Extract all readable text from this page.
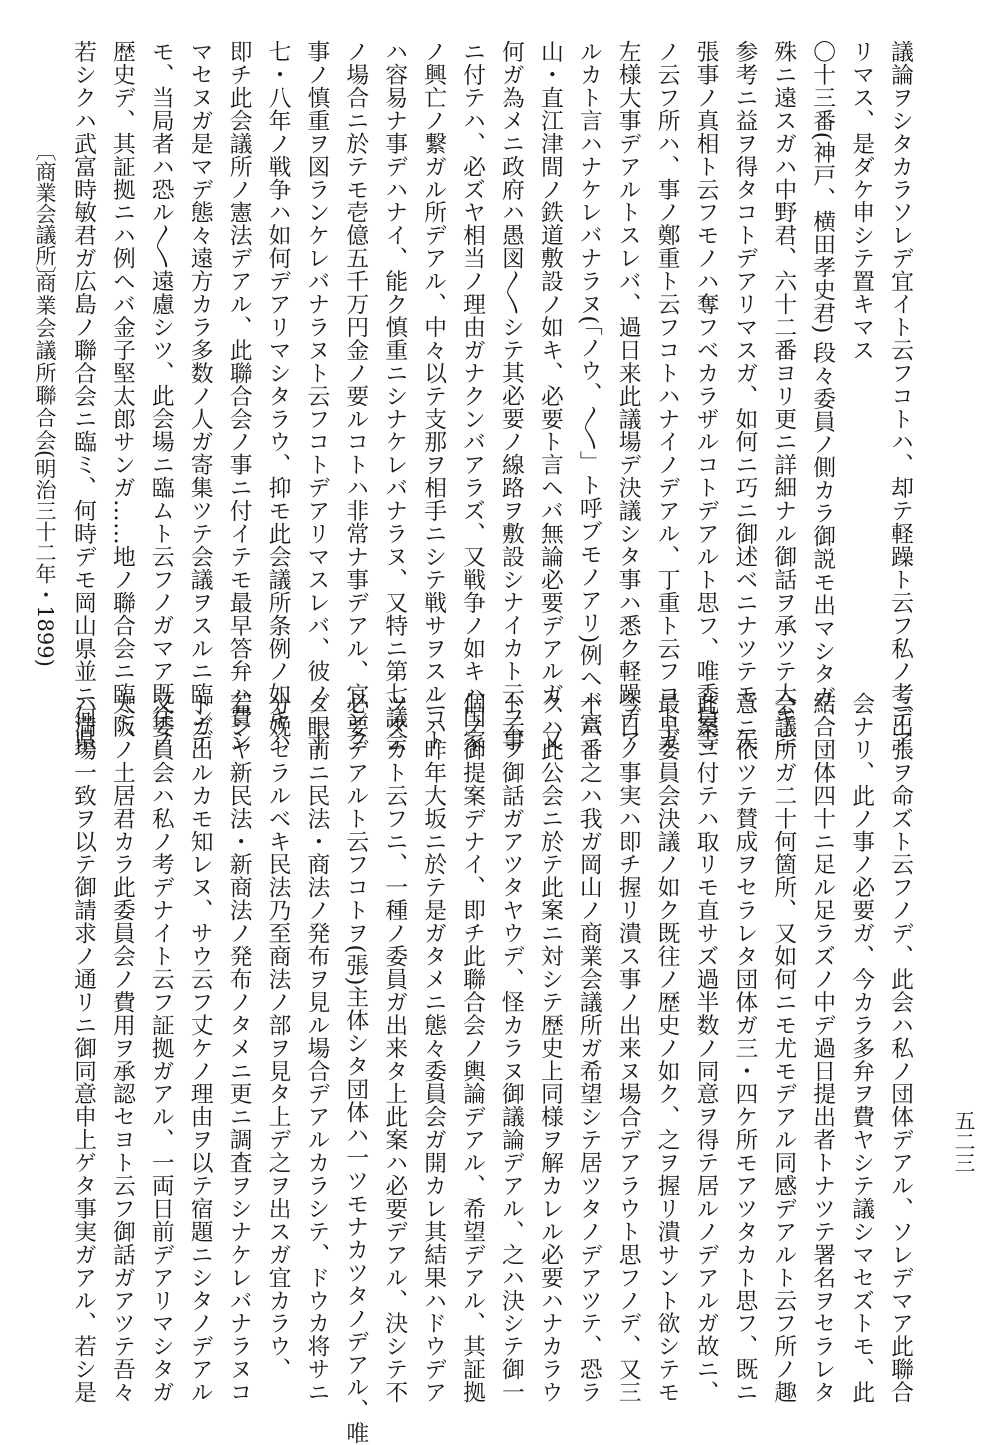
〔商業会議所〕
商業会議所聯合会
(明治三十二年・1899)	議論ヲシタカラソレデ宜イト云フコトハ、却テ軽躁ト云フ私ノ考デア

リマス、是ダケ申シテ置キマス

〇十三番(神戸、横田孝史君) 段々委員ノ側カラ御説モ出マシタガ、

殊ニ遠スガハ中野君、六十二番ヨリ更ニ詳細ナル御話ヲ承ツテ大キニ

参考ニ益ヲ得タコトデアリマスガ、如何ニ巧ニ御述ベニナツテモ、矢

張事ノ真相ト云フモノハ奪フベカラザルコトデアルト思フ、唯委員等

ノ云フ所ハ、事ノ鄭重ト云フコトハナイノデアル、丁重ト云フコトガ

左様大事デアルトスレバ、過日来此議場デ決議シタ事ハ悉ク軽躁デア

ルカト言ハナケレバナラヌ(「ノウ、〳〵」ト呼ブモノアリ)例ヘバ富

山・直江津間ノ鉄道敷設ノ如キ、必要ト言ヘバ無論必要デアルガ、又

何ガ為メニ政府ハ愚図〳〵シテ其必要ノ線路ヲ敷設シナイカト云フ事

ニ付テハ、必ズヤ相当ノ理由ガナクンバアラズ、又戦争ノ如キハ国家

ノ興亡ノ繋ガル所デアル、中々以テ支那ヲ相手ニシテ戦サヲスルコト

ハ容易ナ事デハナイ、能ク慎重ニシナケレバナラヌ、又特ニ第七議会

ノ場合ニ於テモ壱億五千万円金ノ要ルコトハ非常ナ事デアル、宜シク

事ノ慎重ヲ図ランケレバナラヌト云フコトデアリマスレバ、彼ノ二十

七・八年ノ戦争ハ如何デアリマシタラウ、抑モ此会議所条例ノ如キハ

即チ此会議所ノ憲法デアル、此聯合会ノ事ニ付イテモ最早答弁ハ費シ

マセヌガ是マデ態々遠方カラ多数ノ人ガ寄集ツテ会議ヲスルニ臨ンデ

モ、当局者ハ恐ル〳〵遠慮シツ、此会場ニ臨ムト云フノガマア既往ノ

歴史デ、其証拠ニハ例ヘバ金子堅太郎サンガ……地ノ聯合会ニ臨ミ、

若シクハ武富時敏君ガ広島ノ聯合会ニ臨ミ、何時デモ岡山県並ニ何県

ニ出張ヲ命ズト云フノデ、此会ハ私ノ団体デアル、ソレデマア此聯合

会ナリ、此ノ事ノ必要ガ、今カラ多弁ヲ費ヤシテ議シマセズトモ、此

結合団体四十ニ足ル足ラズノ中デ過日提出者トナツテ署名ヲセラレタ

会議所ガ二十何箇所、又如何ニモ尤モデアル同感デアルト云フ所ノ趣

意ニ依ツテ賛成ヲセラレタ団体ガ三・四ケ所モアツタカト思フ、既ニ

此案ニ付テハ取リモ直サズ過半数ノ同意ヲ得テ居ルノデアルガ故ニ、

最早委員会決議ノ如ク既往ノ歴史ノ如ク、之ヲ握リ潰サント欲シテモ

今日ノ事実ハ即チ握リ潰ス事ノ出来ヌ場合デアラウト思フノデ、又三

十六番之ハ我ガ岡山ノ商業会議所ガ希望シテ居ツタノデアツテ、恐ラ

クハ此公会ニ於テ此案ニ対シテ歴史上同様ヲ解カレル必要ハナカラウ

ト云フ御話ガアツタヤウデ、怪カラヌ御議論デアル、之ハ決シテ御一

個ノ御提案デナイ、即チ此聯合会ノ輿論デアル、希望デアル、其証拠

ニハ昨年大坂ニ於テ是ガタメニ態々委員会ガ開カレ其結果ハドウデア

ツタカト云フニ、一種ノ委員ガ出来タ上此案ハ必要デアル、決シテ不

必要デアルト云フコトヲ(張)主体シタ団体ハ一ツモナカツタノデアル、唯

ダ眼前ニ民法・商法ノ発布ヲ見ル場合デアルカラシテ、ドウカ将サニ

分娩セラルベキ民法乃至商法ノ部ヲ見タ上デ之ヲ出スガ宜カラウ、

若シヤ新民法・新商法ノ発布ノタメニ更ニ調査ヲシナケレバナラヌコ

トガ出ルカモ知レヌ、サウ云フ丈ケノ理由ヲ以テ宿題ニシタノデアル

又委員会ハ私ノ考デナイト云フ証拠ガアル、一両日前デアリマシタガ

大阪ノ土居君カラ此委員会ノ費用ヲ承認セヨト云フ御話ガアツテ吾々

ハ満場一致ヲ以テ御請求ノ通リニ御同意申上ゲタ事実ガアル、若シ是	五二三
